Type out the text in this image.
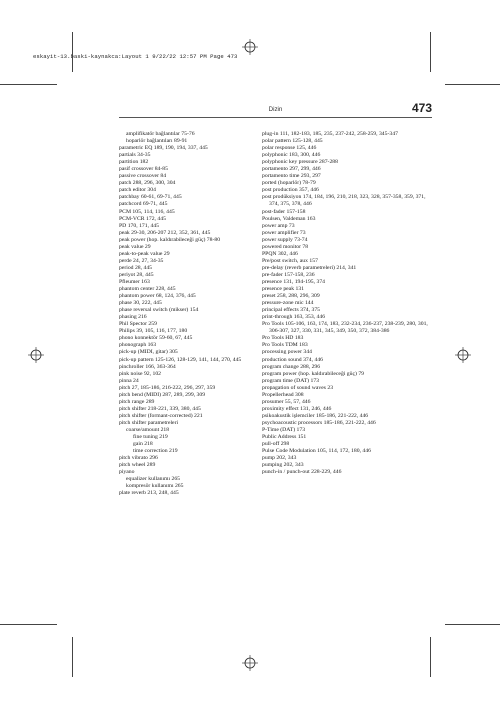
eskayit-13.baski-kaynakca:Layout 1 9/22/22 12:57 PM Page 473
Dizin	473
amplifikatör bağlantılar 75-76
hoparlör bağlantıları 89-91
parametric EQ 189, 190, 194, 337, 445
partials 34-35
partition 182
pasif crossover 84-85
passive crossover 84
patch 288, 296, 300, 304
patch editor 304
patchbay 60-61, 69-71, 445
patchcord 69-71, 445
PCM 105, 114, 116, 445
PCM-VCR 172, 445
PD 170, 171, 445
peak 29-30, 206-207 212, 352, 361, 445
peak power (hop. kaldırabileceği güç) 78-80
peak value 29
peak-to-peak value 29
perde 24, 27, 34-35
period 28, 445
periyot 28, 445
Pfleumer 163
phantom center 228, 445
phantom power 68, 124, 376, 445
phase 30, 222, 445
phase reversal switch (mikser) 154
phasing 216
Phil Spector 259
Philips 39, 105, 116, 177, 180
phono konnektör 59-60, 67, 445
phonograph 163
pick-up (MIDI, gitar) 305
pick-up pattern 125-126, 128-129, 141, 144, 270, 445
pinchroller 166, 363-364
pink noise 92, 102
pinna 24
pitch 27, 185-186, 216-222, 296, 297, 359
pitch bend (MIDI) 287, 289, 299, 309
pitch range 289
pitch shifter 218-221, 339, 380, 445
pitch shifter (formant-corrected) 221
pitch shifter parametreleri
coarse/amount 218
fine tuning 219
gain 218
time correction 219
pitch vibrato 296
pitch wheel 289
piyano
equalizer kullanımı 265
kompresör kullanımı 265
plate reverb 213, 248, 445
plug-in 111, 182-183, 185, 235, 237-242, 258-259, 345-347
polar pattern 125-128, 445
polar response 125, 446
polyphonic 183, 300, 446
polyphonic key pressure 287-288
portamento 297, 299, 446
portamento time 293, 297
ported (hoparlör) 78-79
post production 357, 446
post prodüksiyon 174, 184, 196, 210, 218, 323, 328, 357-358, 359, 371, 374, 375, 378, 446
post-fader 157-158
Poulsen, Valdeman 163
power amp 73
power amplifier 73
power supply 73-74
powered monitor 78
PPQN 302, 446
Pre/post switch, aux 157
pre-delay (reverb parametreleri) 214, 341
pre-fader 157-158, 236
presence 131, 194-195, 374
presence peak 131
preset 258, 288, 296, 309
pressure-zone mic 144
principal effects 374, 375
print-through 163, 353, 446
Pro Tools 105-106, 163, 174, 183, 232-234, 236-237, 238-239, 280, 301, 306-307, 327, 330, 331, 345, 349, 350, 372, 384-386
Pro Tools HD 183
Pro Tools TDM 183
processing power 344
production sound 374, 446
program change 288, 296
program power (hop. kaldırabileceği güç) 79
program time (DAT) 173
propagation of sound waves 23
Propellerhead 308
prosumer 55, 57, 446
proximity effect 131, 246, 446
psikoakustik işlemciler 185-186, 221-222, 446
psychoacoustic processors 185-186, 221-222, 446
P-Time (DAT) 173
Public Address 151
pull-off 298
Pulse Code Modulation 105, 114, 172, 180, 446
pump 202, 343
pumping 202, 343
punch-in / punch-out 228-229, 446
